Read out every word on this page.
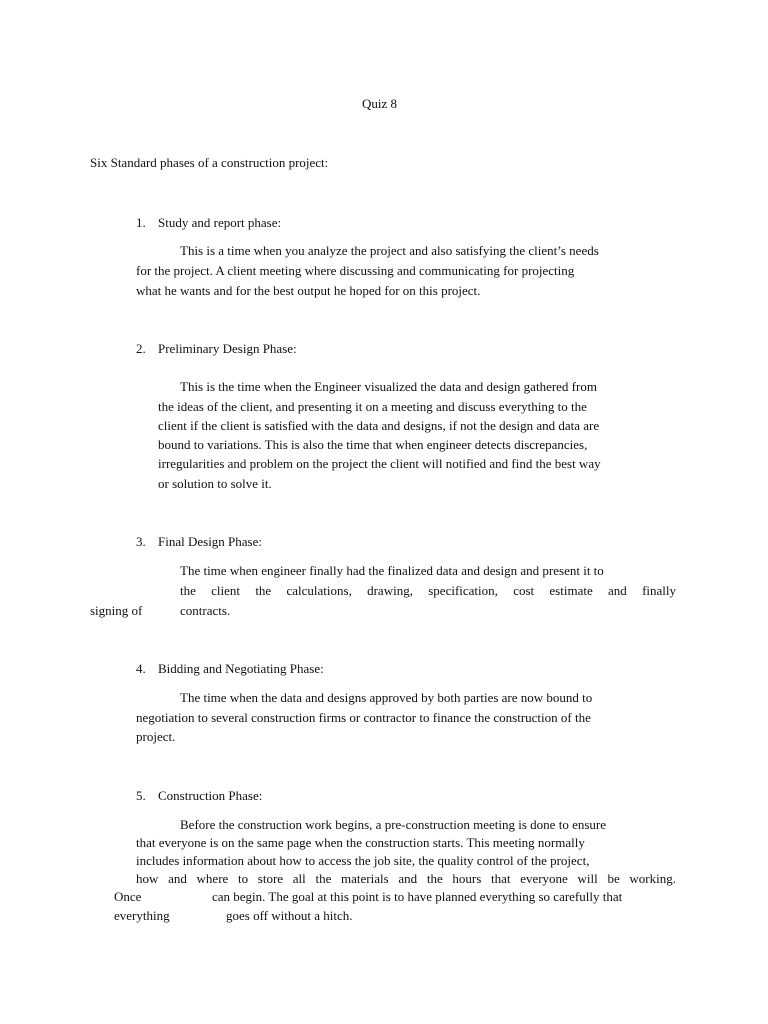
Quiz 8
Six Standard phases of a construction project:
1. Study and report phase:
This is a time when you analyze the project and also satisfying the client’s needs
for the project. A client meeting where discussing and communicating for projecting
what he wants and for the best output he hoped for on this project.
2. Preliminary Design Phase:
This is the time when the Engineer visualized the data and design gathered from
the ideas of the client, and presenting it on a meeting and discuss everything to the
client if the client is satisfied with the data and designs, if not the design and data are
bound to variations. This is also the time that when engineer detects discrepancies,
irregularities and problem on the project the client will notified and find the best way
or solution to solve it.
3. Final Design Phase:
The time when engineer finally had the finalized data and design and present it to
the client the calculations, drawing, specification, cost estimate and finally
signing of	contracts.
4. Bidding and Negotiating Phase:
The time when the data and designs approved by both parties are now bound to
negotiation to several construction firms or contractor to finance the construction of the
project.
5. Construction Phase:
Before the construction work begins, a pre-construction meeting is done to ensure
that everyone is on the same page when the construction starts. This meeting normally
includes information about how to access the job site, the quality control of the project,
how and where to store all the materials and the hours that everyone will be working.
Once	can begin. The goal at this point is to have planned everything so carefully that
everything	goes off without a hitch.
